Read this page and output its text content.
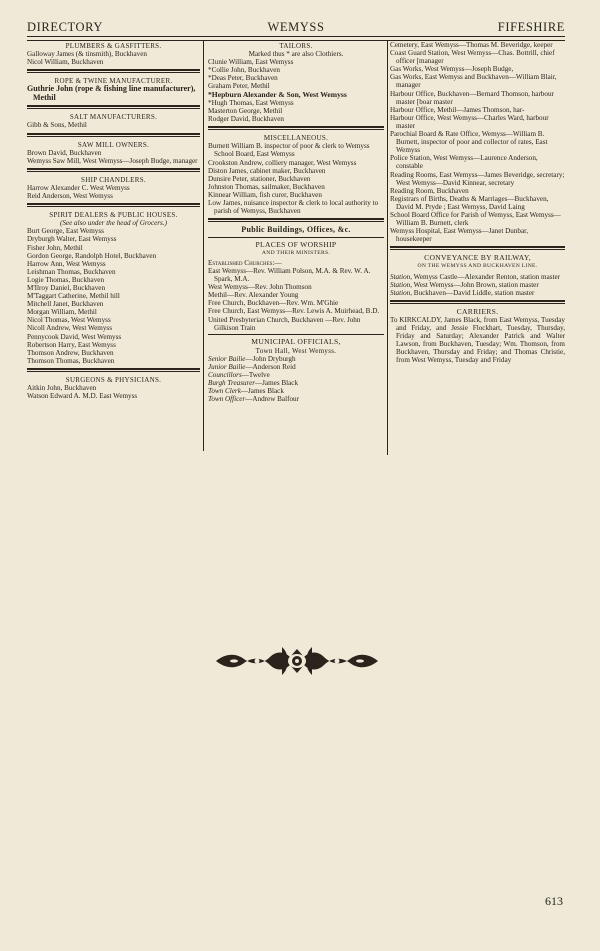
DIRECTORY	WEMYSS	FIFESHIRE
PLUMBERS & GASFITTERS.
Galloway James (& tinsmith), Buckhaven
Nicol William, Buckhaven
ROPE & TWINE MANUFACTURER.
Guthrie John (rope & fishing line manufacturer), Methil
SALT MANUFACTURERS.
Gibb & Sons, Methil
SAW MILL OWNERS.
Brown David, Buckhaven
Wemyss Saw Mill, West Wemyss—Joseph Budge, manager
SHIP CHANDLERS.
Harrow Alexander C. West Wemyss
Reid Anderson, West Wemyss
SPIRIT DEALERS & PUBLIC HOUSES.
(See also under the head of Grocers.)
Burt George, East Wemyss
Dryburgh Walter, East Wemyss
Fisher John, Methil
Gordon George, Randolph Hotel, Buckhaven
Harrow Ann, West Wemyss
Leishman Thomas, Buckhaven
Logie Thomas, Buckhaven
M'Ilroy Daniel, Buckhaven
M'Taggart Catherine, Methil hill
Mitchell Janet, Buckhaven
Morgan William, Methil
Nicol Thomas, West Wemyss
Nicoll Andrew, West Wemyss
Pennycook David, West Wemyss
Robertson Harry, East Wemyss
Thomson Andrew, Buckhaven
Thomson Thomas, Buckhaven
SURGEONS & PHYSICIANS.
Aitkin John, Buckhaven
Watson Edward A. M.D. East Wemyss
TAILORS.
Marked thus * are also Clothiers.
Clunie William, East Wemyss
*Collie John, Buckhaven
*Deas Peter, Buckhaven
Graham Peter, Methil
*Hepburn Alexander & Son, West Wemyss
*Hugh Thomas, East Wemyss
Masterton George, Methil
Rodger David, Buckhaven
MISCELLANEOUS.
Burnett William B. inspector of poor & clerk to Wemyss School Board, East Wemyss
Crookston Andrew, colliery manager, West Wemyss
Diston James, cabinet maker, Buckhaven
Dunsire Peter, stationer, Buckhaven
Johnston Thomas, sailmaker, Buckhaven
Kinnear William, fish curer, Buckhaven
Low James, nuisance inspector & clerk to local authority to parish of Wemyss, Buckhaven
Public Buildings, Offices, &c.
PLACES OF WORSHIP
AND THEIR MINISTERS.
Established Churches:—
East Wemyss—Rev. William Polson, M.A. & Rev. W. A. Spark, M.A.
West Wemyss—Rev. John Thomson
Methil—Rev. Alexander Young
Free Church, Buckhaven—Rev. Wm. M'Ghie
Free Church, East Wemyss—Rev. Lewis A. Muirhead, B.D.
United Presbyterian Church, Buckhaven —Rev. John Gilkison Train
MUNICIPAL OFFICIALS,
Town Hall, West Wemyss.
Senior Bailie—John Dryburgh
Junior Bailie—Anderson Reid
Councillors—Twelve
Burgh Treasurer—James Black
Town Clerk—James Black
Town Officer—Andrew Balfour
Cemetery, East Wemyss—Thomas M. Beveridge, keeper
Coast Guard Station, West Wemyss—Chas. Bottrill, chief officer [manager
Gas Works, West Wemyss—Joseph Budge,
Gas Works, East Wemyss and Buckhaven—William Blair, manager
Harbour Office, Buckhaven—Bernard Thomson, harbour master [boar master
Harbour Office, Methil—James Thomson, har-
Harbour Office, West Wemyss—Charles Ward, harbour master
Parochial Board & Rate Office, Wemyss—William B. Burnett, inspector of poor and collector of rates, East Wemyss
Police Station, West Wemyss—Laurence Anderson, constable
Reading Rooms, East Wemyss—James Beveridge, secretary; West Wemyss—David Kinnear, secretary
Reading Room, Buckhaven
Registrars of Births, Deaths & Marriages—Buckhaven, David M. Pryde ; East Wemyss, David Laing
School Board Office for Parish of Wemyss, East Wemyss—William B. Burnett, clerk
Wemyss Hospital, East Wemyss—Janet Dunbar, housekeeper
CONVEYANCE BY RAILWAY,
ON THE WEMYSS AND BUCKHAVEN LINE.
Station, Wemyss Castle—Alexander Renton, station master
Station, West Wemyss—John Brown, station master
Station, Buckhaven—David Liddle, station master
CARRIERS.
To KIRKCALDY, James Black, from East Wemyss, Tuesday and Friday, and Jessie Flockhart, Tuesday, Thursday, Friday and Saturday; Alexander Patrick and Walter Lawson, from Buckhaven, Tuesday; Wm. Thomson, from Buckhaven, Thursday and Friday; and Thomas Christie, from West Wemyss, Tuesday and Friday
613
